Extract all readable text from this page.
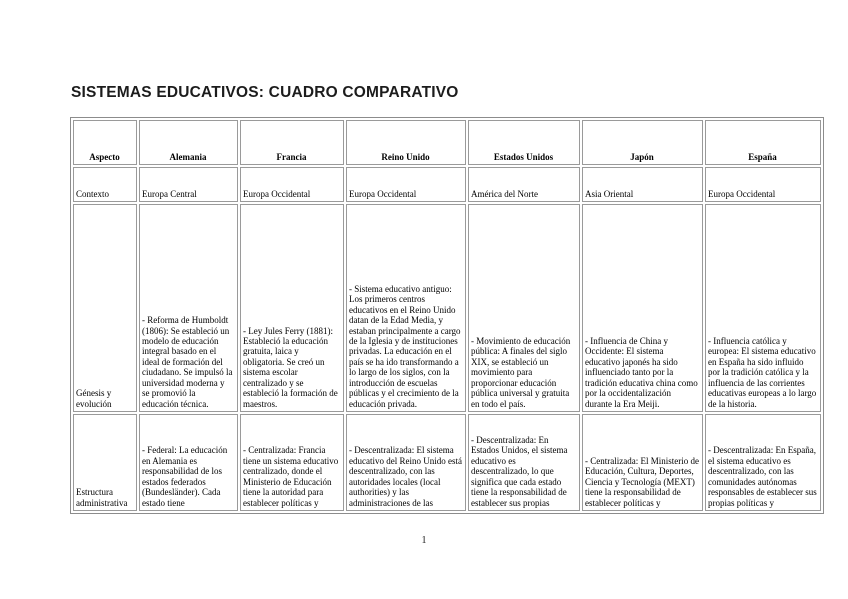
SISTEMAS EDUCATIVOS: CUADRO COMPARATIVO
Aspecto	Alemania	Francia	Reino Unido	Estados Unidos	Japón	España
Contexto	Europa Central	Europa Occidental	Europa Occidental	América del Norte	Asia Oriental	Europa Occidental
Génesis y evolución	- Reforma de Humboldt (1806): Se estableció un modelo de educación integral basado en el ideal de formación del ciudadano. Se impulsó la universidad moderna y se promovió la educación técnica.	- Ley Jules Ferry (1881): Estableció la educación gratuita, laica y obligatoria. Se creó un sistema escolar centralizado y se estableció la formación de maestros.	- Sistema educativo antiguo: Los primeros centros educativos en el Reino Unido datan de la Edad Media, y estaban principalmente a cargo de la Iglesia y de instituciones privadas. La educación en el país se ha ido transformando a lo largo de los siglos, con la introducción de escuelas públicas y el crecimiento de la educación privada.	- Movimiento de educación pública: A finales del siglo XIX, se estableció un movimiento para proporcionar educación pública universal y gratuita en todo el país.	- Influencia de China y Occidente: El sistema educativo japonés ha sido influenciado tanto por la tradición educativa china como por la occidentalización durante la Era Meiji.	- Influencia católica y europea: El sistema educativo en España ha sido influido por la tradición católica y la influencia de las corrientes educativas europeas a lo largo de la historia.
Estructura administrativa	- Federal: La educación en Alemania es responsabilidad de los estados federados (Bundesländer). Cada estado tiene	- Centralizada: Francia tiene un sistema educativo centralizado, donde el Ministerio de Educación tiene la autoridad para establecer políticas y	- Descentralizada: El sistema educativo del Reino Unido está descentralizado, con las autoridades locales (local authorities) y las administraciones de las	- Descentralizada: En Estados Unidos, el sistema educativo es descentralizado, lo que significa que cada estado tiene la responsabilidad de establecer sus propias	- Centralizada: El Ministerio de Educación, Cultura, Deportes, Ciencia y Tecnología (MEXT) tiene la responsabilidad de establecer políticas y	- Descentralizada: En España, el sistema educativo es descentralizado, con las comunidades autónomas responsables de establecer sus propias políticas y
1
